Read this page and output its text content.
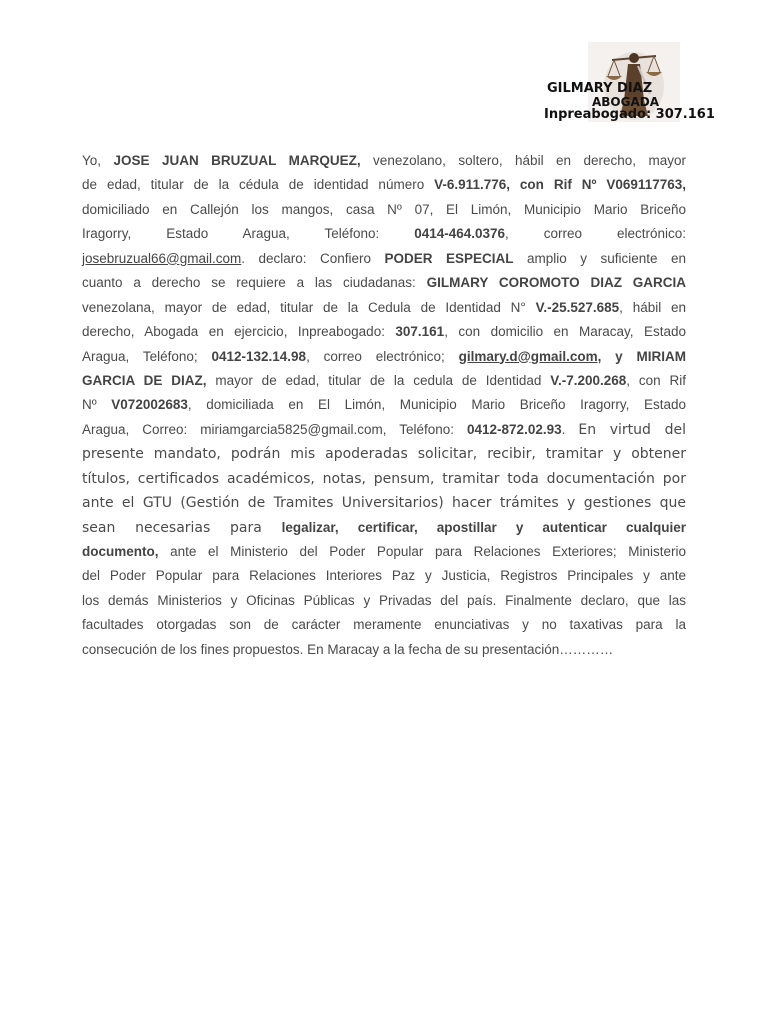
GILMARY DIAZ
ABOGADA
Inpreabogado: 307.161
Yo, JOSE JUAN BRUZUAL MARQUEZ, venezolano, soltero, hábil en derecho, mayor
de edad, titular de la cédula de identidad número V-6.911.776, con Rif Nº V069117763,
domiciliado en Callejón los mangos, casa Nº 07, El Limón, Municipio Mario Briceño
Iragorry, Estado Aragua, Teléfono: 0414-464.0376, correo electrónico:
josebruzual66@gmail.com. declaro: Confiero PODER ESPECIAL amplio y suficiente en
cuanto a derecho se requiere a las ciudadanas: GILMARY COROMOTO DIAZ GARCIA
venezolana, mayor de edad, titular de la Cedula de Identidad N° V.-25.527.685, hábil en
derecho, Abogada en ejercicio, Inpreabogado: 307.161, con domicilio en Maracay, Estado
Aragua, Teléfono; 0412-132.14.98, correo electrónico; gilmary.d@gmail.com, y MIRIAM
GARCIA DE DIAZ, mayor de edad, titular de la cedula de Identidad V.-7.200.268, con Rif
Nº V072002683, domiciliada en El Limón, Municipio Mario Briceño Iragorry, Estado
Aragua, Correo: miriamgarcia5825@gmail.com, Teléfono: 0412-872.02.93. En virtud del
presente mandato, podrán mis apoderadas solicitar, recibir, tramitar y obtener
títulos, certificados académicos, notas, pensum, tramitar toda documentación por
ante el GTU (Gestión de Tramites Universitarios) hacer trámites y gestiones que
sean necesarias para legalizar, certificar, apostillar y autenticar cualquier
documento, ante el Ministerio del Poder Popular para Relaciones Exteriores; Ministerio
del Poder Popular para Relaciones Interiores Paz y Justicia, Registros Principales y ante
los demás Ministerios y Oficinas Públicas y Privadas del país. Finalmente declaro, que las
facultades otorgadas son de carácter meramente enunciativas y no taxativas para la
consecución de los fines propuestos. En Maracay a la fecha de su presentación…………
